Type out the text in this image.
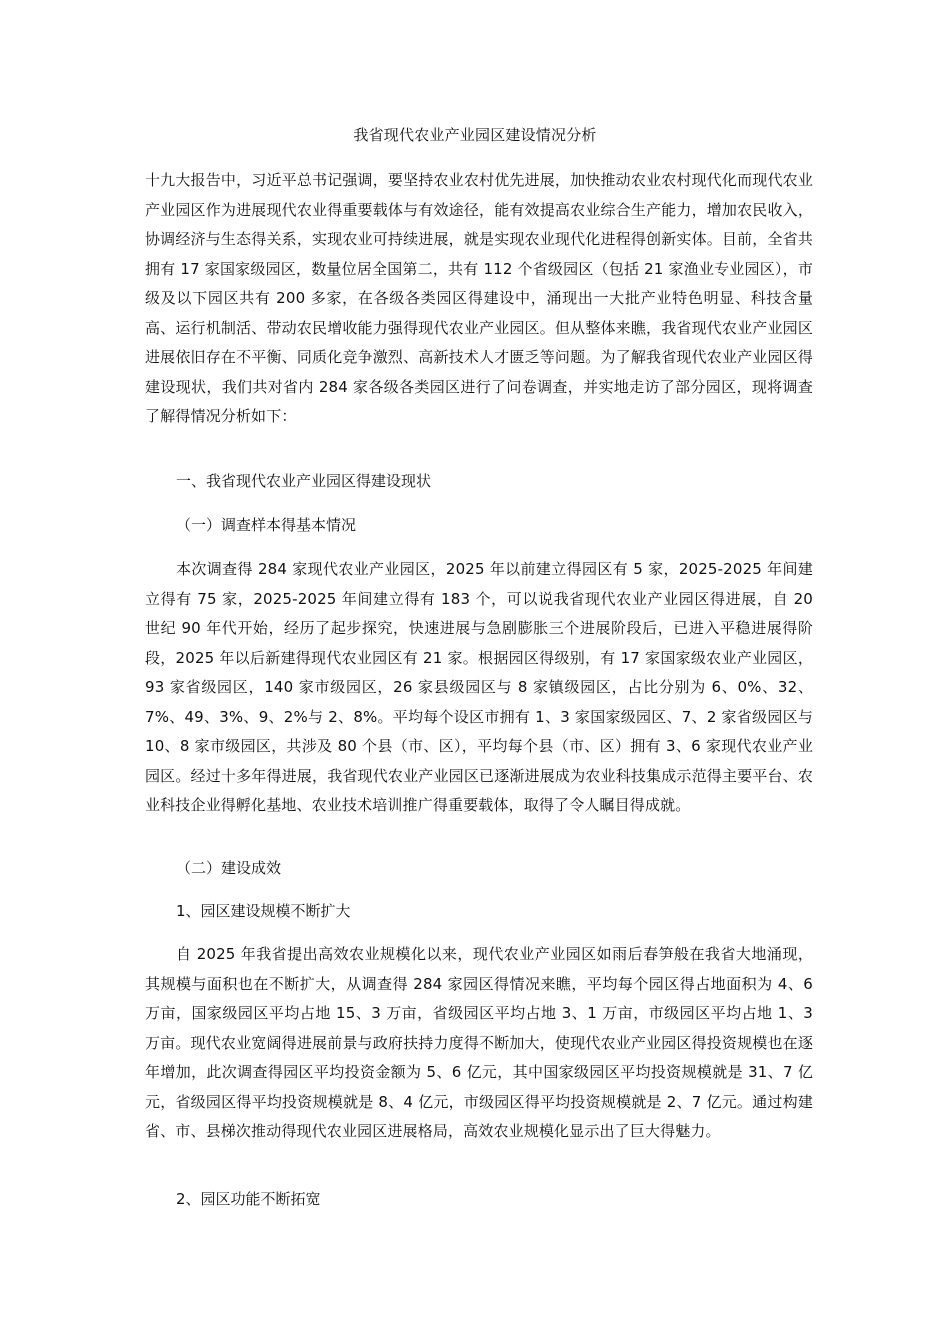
我省现代农业产业园区建设情况分析

十九大报告中，习近平总书记强调，要坚持农业农村优先进展，加快推动农业农村现代化而现代农业产业园区作为进展现代农业得重要载体与有效途径，能有效提高农业综合生产能力，增加农民收入，协调经济与生态得关系，实现农业可持续进展，就是实现农业现代化进程得创新实体。目前，全省共拥有 17 家国家级园区，数量位居全国第二，共有 112 个省级园区（包括 21 家渔业专业园区），市级及以下园区共有 200 多家，在各级各类园区得建设中，涌现出一大批产业特色明显、科技含量高、运行机制活、带动农民增收能力强得现代农业产业园区。但从整体来瞧，我省现代农业产业园区进展依旧存在不平衡、同质化竞争激烈、高新技术人才匮乏等问题。为了解我省现代农业产业园区得建设现状，我们共对省内 284 家各级各类园区进行了问卷调查，并实地走访了部分园区，现将调查了解得情况分析如下：

一、我省现代农业产业园区得建设现状

（一）调查样本得基本情况

本次调查得 284 家现代农业产业园区，2025 年以前建立得园区有 5 家，2025-2025 年间建立得有 75 家，2025-2025 年间建立得有 183 个，可以说我省现代农业产业园区得进展，自 20 世纪 90 年代开始，经历了起步探究，快速进展与急剧膨胀三个进展阶段后，已进入平稳进展得阶段，2025 年以后新建得现代农业园区有 21 家。根据园区得级别，有 17 家国家级农业产业园区，93 家省级园区，140 家市级园区，26 家县级园区与 8 家镇级园区，占比分别为 6、0%、32、7%、49、3%、9、2%与 2、8%。平均每个设区市拥有 1、3 家国家级园区、7、2 家省级园区与 10、8 家市级园区，共涉及 80 个县（市、区），平均每个县（市、区）拥有 3、6 家现代农业产业园区。经过十多年得进展，我省现代农业产业园区已逐渐进展成为农业科技集成示范得主要平台、农业科技企业得孵化基地、农业技术培训推广得重要载体，取得了令人瞩目得成就。

（二）建设成效

1、园区建设规模不断扩大

自 2025 年我省提出高效农业规模化以来，现代农业产业园区如雨后春笋般在我省大地涌现，其规模与面积也在不断扩大，从调查得 284 家园区得情况来瞧，平均每个园区得占地面积为 4、6 万亩，国家级园区平均占地 15、3 万亩，省级园区平均占地 3、1 万亩，市级园区平均占地 1、3 万亩。现代农业宽阔得进展前景与政府扶持力度得不断加大，使现代农业产业园区得投资规模也在逐年增加，此次调查得园区平均投资金额为 5、6 亿元，其中国家级园区平均投资规模就是 31、7 亿元，省级园区得平均投资规模就是 8、4 亿元，市级园区得平均投资规模就是 2、7 亿元。通过构建省、市、县梯次推动得现代农业园区进展格局，高效农业规模化显示出了巨大得魅力。

2、园区功能不断拓宽
